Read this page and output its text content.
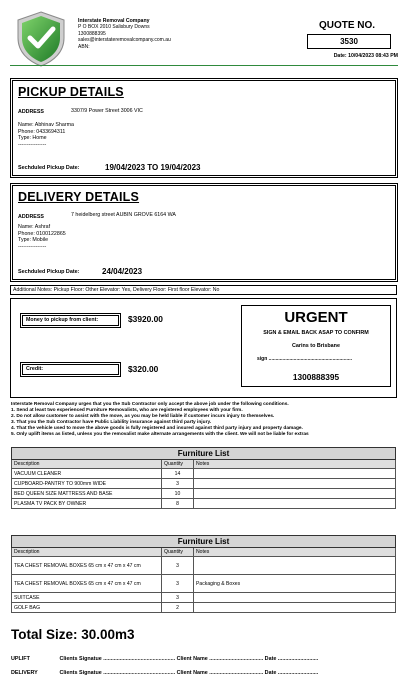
Interstate Removal Company
P O BOX 2010 Salisbury Downs
1300888395
sales@interstateremovalcompany.com.au
ABN:
QUOTE NO.
3530
Date: 10/04/2023 08:43 PM
PICKUP DETAILS
ADDRESS	3307/9 Power Street 3006 VIC
Name: Abhinav Sharma
Phone: 0433694311
Type: Home
----------------
Sechduled Pickup Date:	19/04/2023 TO 19/04/2023
DELIVERY DETAILS
ADDRESS	7 heidelberg street AUBIN GROVE 6164 WA
Name: Ashraf
Phone: 0100122865
Type: Mobile
----------------
Sechduled Pickup Date:	24/04/2023
Additional Notes: Pickup Floor: Other Elevator: Yes, Delivery Floor: First floor Elevator: No
Money to pickup from client:	$3920.00
Credit:	$320.00
URGENT
SIGN & EMAIL BACK ASAP TO CONFIRM
Carins to Brisbane
sign ............................................................
1300888395
Interstate Removal Company urges that you the Sub Contractor only accept the above job under the following conditions.
1. Send at least two experienced Furniture Removalists, who are registered employees with your firm.
2. Do not allow customer to assist with the move, as you may be held liable if customer incurs injury to themselves.
3. That you the Sub Contractor have Public Liability insurance against third party injury.
4. That the vehicle used to move the above goods is fully registered and insured against third party injury and property damage.
5. Only uplift items as listed, unless you the removalist make alternate arrangements with the client. We will not be liable for extras
Furniture List		
Description	Quantity	Notes
VACUUM CLEANER	14	
CUPBOARD-PANTRY TO 900mm WIDE	3	
BED QUEEN SIZE MATTRESS AND BASE	10	
PLASMA TV PACK BY OWNER	8	
Furniture List		
Description	Quantity	Notes
TEA CHEST REMOVAL BOXES 65 cm x 47 cm x 47 cm	3	
TEA CHEST REMOVAL BOXES 65 cm x 47 cm x 47 cm	3	Packaging & Boxes
SUITCASE	3	
GOLF BAG	2	
Total Size: 30.00m3
UPLIFT	Clients Signatue ................................................ Client Name .................................... Date ...........................
DELIVERY	Clients Signatue ................................................ Client Name .................................... Date ...........................
